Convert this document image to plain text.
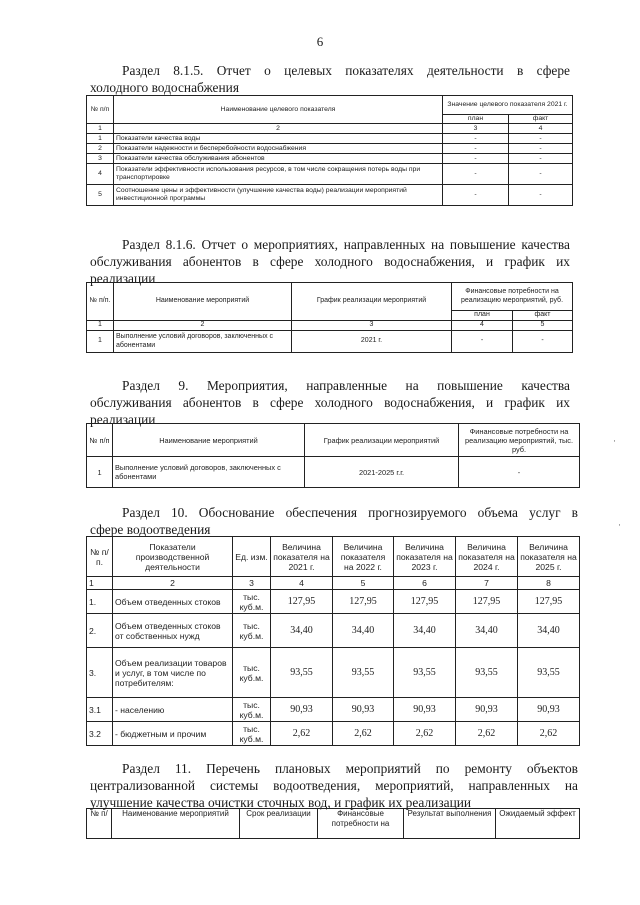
6
Раздел 8.1.5. Отчет о целевых показателях деятельности в сфере
холодного водоснабжения
№ п/п	Наименование целевого показателя	Значение целевого показателя 2021 г.	
		план	факт
1	2	3	4
1	Показатели качества воды	-	-
2	Показатели надежности и бесперебойности водоснабжения	-	-
3	Показатели качества обслуживания абонентов	-	-
4	Показатели эффективности использования ресурсов, в том числе сокращения потерь воды при транспортировке	-	-
5	Соотношение цены и эффективности (улучшение качества воды) реализации мероприятий инвестиционной программы	-	-
Раздел 8.1.6. Отчет о мероприятиях, направленных на повышение качества
обслуживания абонентов в сфере холодного водоснабжения, и график их
реализации
№ п/п.	Наименование мероприятий	График реализации мероприятий	Финансовые потребности на реализацию мероприятий, руб.	
			план	факт
1	2	3	4	5
1	Выполнение условий договоров, заключенных с абонентами	2021 г.	-	-
Раздел 9. Мероприятия, направленные на повышение качества
обслуживания абонентов в сфере холодного водоснабжения, и график их
реализации
№ п/п	Наименование мероприятий	График реализации мероприятий	Финансовые потребности на реализацию мероприятий, тыс. руб.
1	Выполнение условий договоров, заключенных с абонентами	2021-2025 г.г.	-
Раздел 10. Обоснование обеспечения прогнозируемого объема услуг в
сфере водоотведения
№ п/п.	Показатели производственной деятельности	Ед. изм.	Величина показателя на 2021 г.	Величина показателя на 2022 г.	Величина показателя на 2023 г.	Величина показателя на 2024 г.	Величина показателя на 2025 г.
1	2	3	4	5	6	7	8
1.	Объем отведенных стоков	тыс. куб.м.	127,95	127,95	127,95	127,95	127,95
2.	Объем отведенных стоков от собственных нужд	тыс. куб.м.	34,40	34,40	34,40	34,40	34,40
3.	Объем реализации товаров и услуг, в том числе по потребителям:	тыс. куб.м.	93,55	93,55	93,55	93,55	93,55
3.1	- населению	тыс. куб.м.	90,93	90,93	90,93	90,93	90,93
3.2	- бюджетным и прочим	тыс. куб.м.	2,62	2,62	2,62	2,62	2,62
Раздел 11. Перечень плановых мероприятий по ремонту объектов
централизованной системы водоотведения, мероприятий, направленных на
улучшение качества очистки сточных вод, и график их реализации
№ п/	Наименование мероприятий	Срок реализации	Финансовые потребности на	Результат выполнения	Ожидаемый эффект
·
·
